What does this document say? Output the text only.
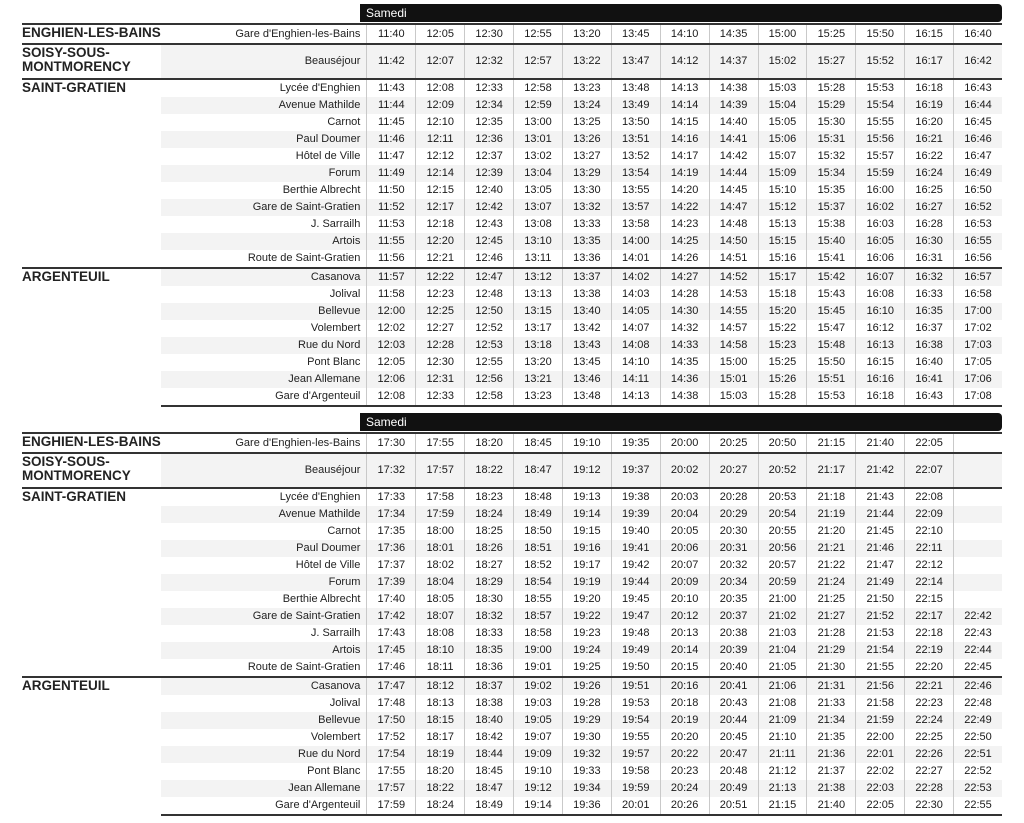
Samedi
ENGHIEN-LES-BAINS	Gare d'Enghien-les-Bains	11:40	12:05	12:30	12:55	13:20	13:45	14:10	14:35	15:00	15:25	15:50	16:15	16:40
SOISY-SOUS-MONTMORENCY	Beauséjour	11:42	12:07	12:32	12:57	13:22	13:47	14:12	14:37	15:02	15:27	15:52	16:17	16:42
SAINT-GRATIEN	Lycée d'Enghien	11:43	12:08	12:33	12:58	13:23	13:48	14:13	14:38	15:03	15:28	15:53	16:18	16:43
	Avenue Mathilde	11:44	12:09	12:34	12:59	13:24	13:49	14:14	14:39	15:04	15:29	15:54	16:19	16:44
	Carnot	11:45	12:10	12:35	13:00	13:25	13:50	14:15	14:40	15:05	15:30	15:55	16:20	16:45
	Paul Doumer	11:46	12:11	12:36	13:01	13:26	13:51	14:16	14:41	15:06	15:31	15:56	16:21	16:46
	Hôtel de Ville	11:47	12:12	12:37	13:02	13:27	13:52	14:17	14:42	15:07	15:32	15:57	16:22	16:47
	Forum	11:49	12:14	12:39	13:04	13:29	13:54	14:19	14:44	15:09	15:34	15:59	16:24	16:49
	Berthie Albrecht	11:50	12:15	12:40	13:05	13:30	13:55	14:20	14:45	15:10	15:35	16:00	16:25	16:50
	Gare de Saint-Gratien	11:52	12:17	12:42	13:07	13:32	13:57	14:22	14:47	15:12	15:37	16:02	16:27	16:52
	J. Sarrailh	11:53	12:18	12:43	13:08	13:33	13:58	14:23	14:48	15:13	15:38	16:03	16:28	16:53
	Artois	11:55	12:20	12:45	13:10	13:35	14:00	14:25	14:50	15:15	15:40	16:05	16:30	16:55
	Route de Saint-Gratien	11:56	12:21	12:46	13:11	13:36	14:01	14:26	14:51	15:16	15:41	16:06	16:31	16:56
ARGENTEUIL	Casanova	11:57	12:22	12:47	13:12	13:37	14:02	14:27	14:52	15:17	15:42	16:07	16:32	16:57
	Jolival	11:58	12:23	12:48	13:13	13:38	14:03	14:28	14:53	15:18	15:43	16:08	16:33	16:58
	Bellevue	12:00	12:25	12:50	13:15	13:40	14:05	14:30	14:55	15:20	15:45	16:10	16:35	17:00
	Volembert	12:02	12:27	12:52	13:17	13:42	14:07	14:32	14:57	15:22	15:47	16:12	16:37	17:02
	Rue du Nord	12:03	12:28	12:53	13:18	13:43	14:08	14:33	14:58	15:23	15:48	16:13	16:38	17:03
	Pont Blanc	12:05	12:30	12:55	13:20	13:45	14:10	14:35	15:00	15:25	15:50	16:15	16:40	17:05
	Jean Allemane	12:06	12:31	12:56	13:21	13:46	14:11	14:36	15:01	15:26	15:51	16:16	16:41	17:06
	Gare d'Argenteuil	12:08	12:33	12:58	13:23	13:48	14:13	14:38	15:03	15:28	15:53	16:18	16:43	17:08
Samedi
ENGHIEN-LES-BAINS	Gare d'Enghien-les-Bains	17:30	17:55	18:20	18:45	19:10	19:35	20:00	20:25	20:50	21:15	21:40	22:05	
SOISY-SOUS-MONTMORENCY	Beauséjour	17:32	17:57	18:22	18:47	19:12	19:37	20:02	20:27	20:52	21:17	21:42	22:07	
SAINT-GRATIEN	Lycée d'Enghien	17:33	17:58	18:23	18:48	19:13	19:38	20:03	20:28	20:53	21:18	21:43	22:08	
	Avenue Mathilde	17:34	17:59	18:24	18:49	19:14	19:39	20:04	20:29	20:54	21:19	21:44	22:09	
	Carnot	17:35	18:00	18:25	18:50	19:15	19:40	20:05	20:30	20:55	21:20	21:45	22:10	
	Paul Doumer	17:36	18:01	18:26	18:51	19:16	19:41	20:06	20:31	20:56	21:21	21:46	22:11	
	Hôtel de Ville	17:37	18:02	18:27	18:52	19:17	19:42	20:07	20:32	20:57	21:22	21:47	22:12	
	Forum	17:39	18:04	18:29	18:54	19:19	19:44	20:09	20:34	20:59	21:24	21:49	22:14	
	Berthie Albrecht	17:40	18:05	18:30	18:55	19:20	19:45	20:10	20:35	21:00	21:25	21:50	22:15	
	Gare de Saint-Gratien	17:42	18:07	18:32	18:57	19:22	19:47	20:12	20:37	21:02	21:27	21:52	22:17	22:42
	J. Sarrailh	17:43	18:08	18:33	18:58	19:23	19:48	20:13	20:38	21:03	21:28	21:53	22:18	22:43
	Artois	17:45	18:10	18:35	19:00	19:24	19:49	20:14	20:39	21:04	21:29	21:54	22:19	22:44
	Route de Saint-Gratien	17:46	18:11	18:36	19:01	19:25	19:50	20:15	20:40	21:05	21:30	21:55	22:20	22:45
ARGENTEUIL	Casanova	17:47	18:12	18:37	19:02	19:26	19:51	20:16	20:41	21:06	21:31	21:56	22:21	22:46
	Jolival	17:48	18:13	18:38	19:03	19:28	19:53	20:18	20:43	21:08	21:33	21:58	22:23	22:48
	Bellevue	17:50	18:15	18:40	19:05	19:29	19:54	20:19	20:44	21:09	21:34	21:59	22:24	22:49
	Volembert	17:52	18:17	18:42	19:07	19:30	19:55	20:20	20:45	21:10	21:35	22:00	22:25	22:50
	Rue du Nord	17:54	18:19	18:44	19:09	19:32	19:57	20:22	20:47	21:11	21:36	22:01	22:26	22:51
	Pont Blanc	17:55	18:20	18:45	19:10	19:33	19:58	20:23	20:48	21:12	21:37	22:02	22:27	22:52
	Jean Allemane	17:57	18:22	18:47	19:12	19:34	19:59	20:24	20:49	21:13	21:38	22:03	22:28	22:53
	Gare d'Argenteuil	17:59	18:24	18:49	19:14	19:36	20:01	20:26	20:51	21:15	21:40	22:05	22:30	22:55
